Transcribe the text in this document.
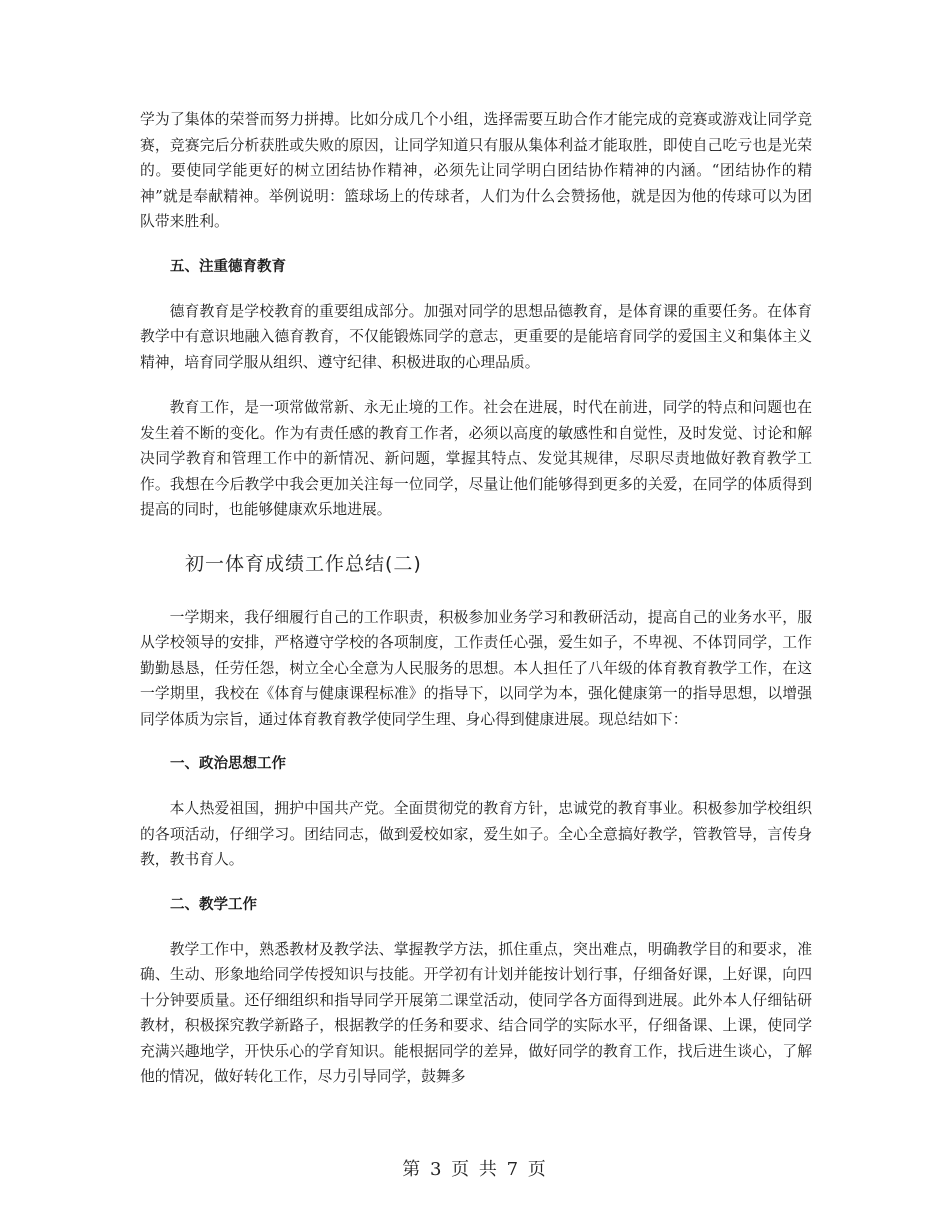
学为了集体的荣誉而努力拼搏。比如分成几个小组，选择需要互助合作才能完成的竞赛或游戏让同学竞赛，竞赛完后分析获胜或失败的原因，让同学知道只有服从集体利益才能取胜，即使自己吃亏也是光荣的。要使同学能更好的树立团结协作精神，必须先让同学明白团结协作精神的内涵。“团结协作的精神”就是奉献精神。举例说明：篮球场上的传球者，人们为什么会赞扬他，就是因为他的传球可以为团队带来胜利。

五、注重德育教育

德育教育是学校教育的重要组成部分。加强对同学的思想品德教育，是体育课的重要任务。在体育教学中有意识地融入德育教育，不仅能锻炼同学的意志，更重要的是能培育同学的爱国主义和集体主义精神，培育同学服从组织、遵守纪律、积极进取的心理品质。

教育工作，是一项常做常新、永无止境的工作。社会在进展，时代在前进，同学的特点和问题也在发生着不断的变化。作为有责任感的教育工作者，必须以高度的敏感性和自觉性，及时发觉、讨论和解决同学教育和管理工作中的新情况、新问题，掌握其特点、发觉其规律，尽职尽责地做好教育教学工作。我想在今后教学中我会更加关注每一位同学，尽量让他们能够得到更多的关爱，在同学的体质得到提高的同时，也能够健康欢乐地进展。

初一体育成绩工作总结(二)

一学期来，我仔细履行自己的工作职责，积极参加业务学习和教研活动，提高自己的业务水平，服从学校领导的安排，严格遵守学校的各项制度，工作责任心强，爱生如子，不卑视、不体罚同学，工作勤勤恳恳，任劳任怨，树立全心全意为人民服务的思想。本人担任了八年级的体育教育教学工作，在这一学期里，我校在《体育与健康课程标准》的指导下，以同学为本，强化健康第一的指导思想，以增强同学体质为宗旨，通过体育教育教学使同学生理、身心得到健康进展。现总结如下：

一、政治思想工作

本人热爱祖国，拥护中国共产党。全面贯彻党的教育方针，忠诚党的教育事业。积极参加学校组织的各项活动，仔细学习。团结同志，做到爱校如家，爱生如子。全心全意搞好教学，管教管导，言传身教，教书育人。

二、教学工作

教学工作中，熟悉教材及教学法、掌握教学方法，抓住重点，突出难点，明确教学目的和要求，准确、生动、形象地给同学传授知识与技能。开学初有计划并能按计划行事，仔细备好课，上好课，向四十分钟要质量。还仔细组织和指导同学开展第二课堂活动，使同学各方面得到进展。此外本人仔细钻研教材，积极探究教学新路子，根据教学的任务和要求、结合同学的实际水平，仔细备课、上课，使同学充满兴趣地学，开快乐心的学育知识。能根据同学的差异，做好同学的教育工作，找后进生谈心，了解他的情况，做好转化工作，尽力引导同学，鼓舞多

第 3 页 共 7 页
